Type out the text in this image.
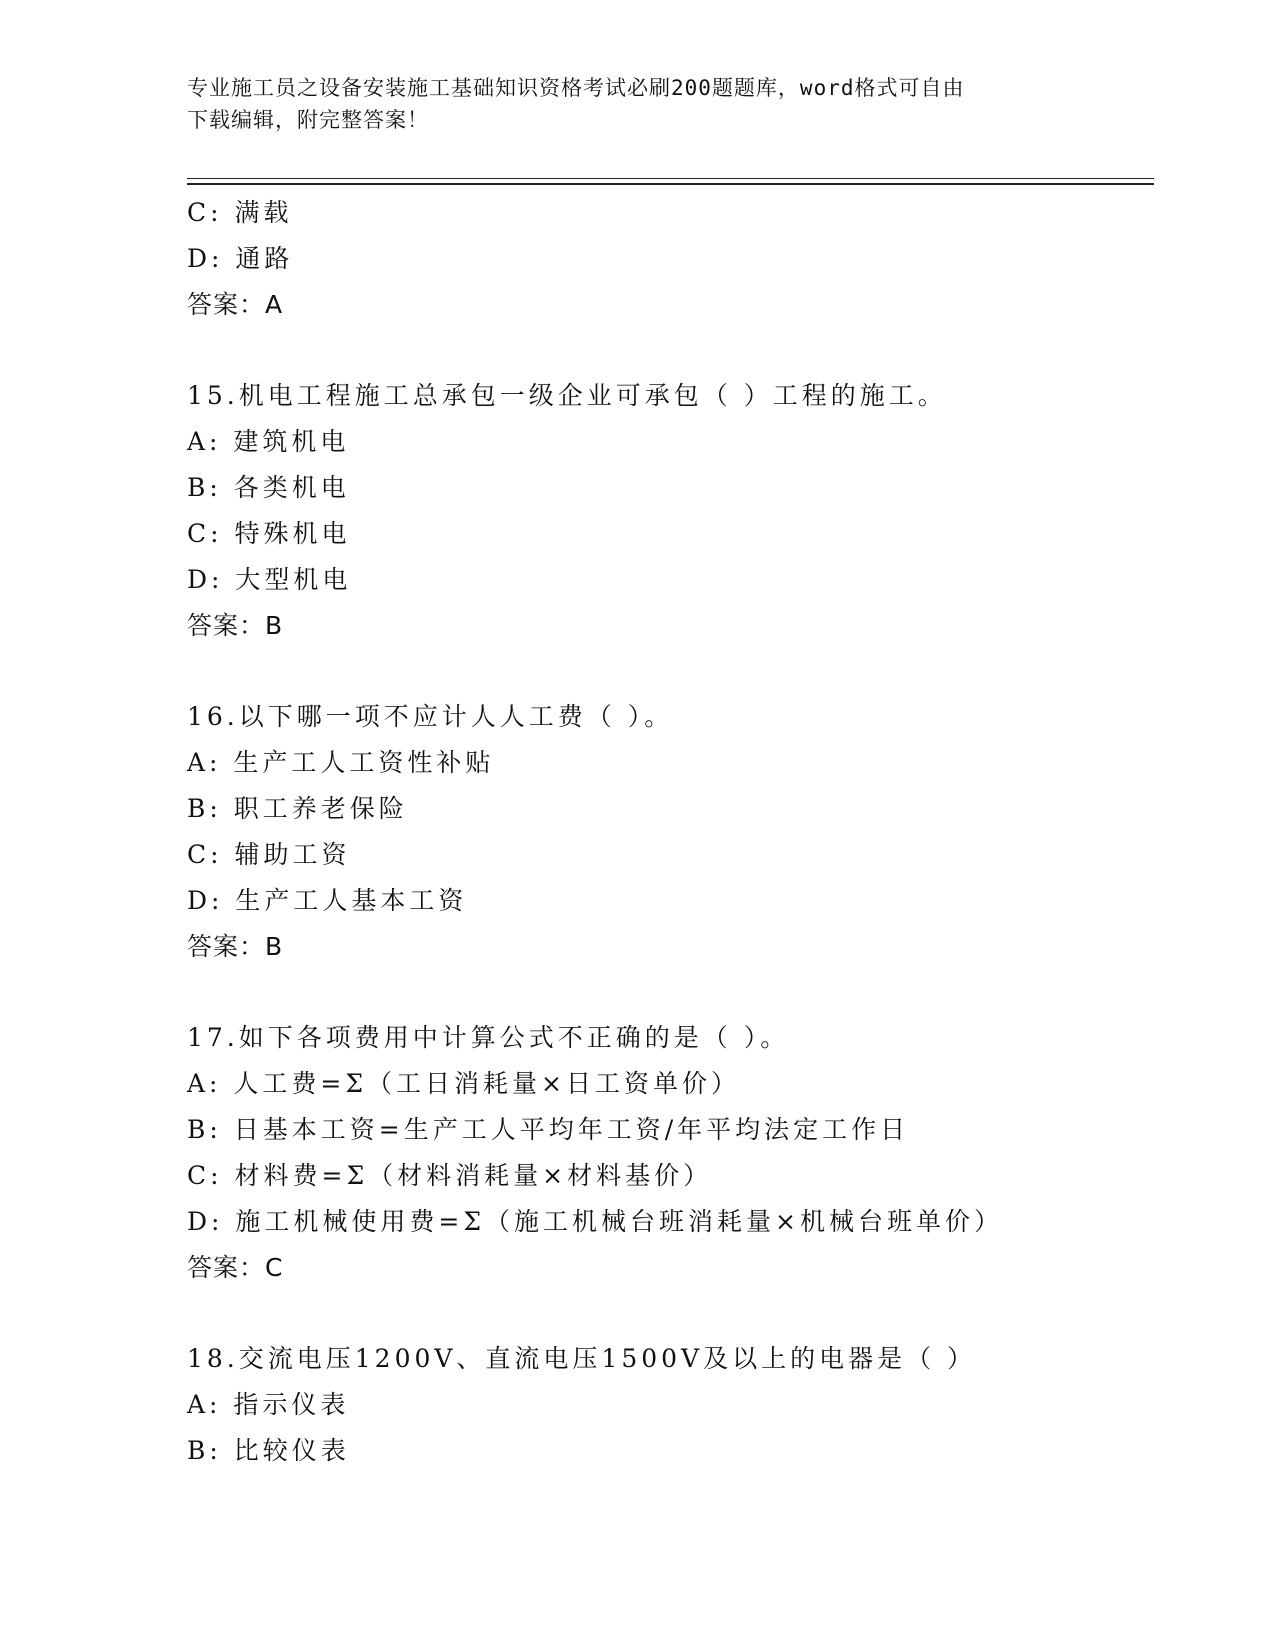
专业施工员之设备安装施工基础知识资格考试必刷200题题库，word格式可自由
下载编辑，附完整答案！
C: 满载
D: 通路
答案：A
15.机电工程施工总承包一级企业可承包（ ）工程的施工。
A: 建筑机电
B: 各类机电
C: 特殊机电
D: 大型机电
答案：B
16.以下哪一项不应计人人工费（ ）。
A: 生产工人工资性补贴
B: 职工养老保险
C: 辅助工资
D: 生产工人基本工资
答案：B
17.如下各项费用中计算公式不正确的是（ ）。
A: 人工费=Σ（工日消耗量×日工资单价）
B: 日基本工资=生产工人平均年工资/年平均法定工作日
C: 材料费=Σ（材料消耗量×材料基价）
D: 施工机械使用费=Σ（施工机械台班消耗量×机械台班单价）
答案：C
18.交流电压1200V、直流电压1500V及以上的电器是（ ）
A: 指示仪表
B: 比较仪表
